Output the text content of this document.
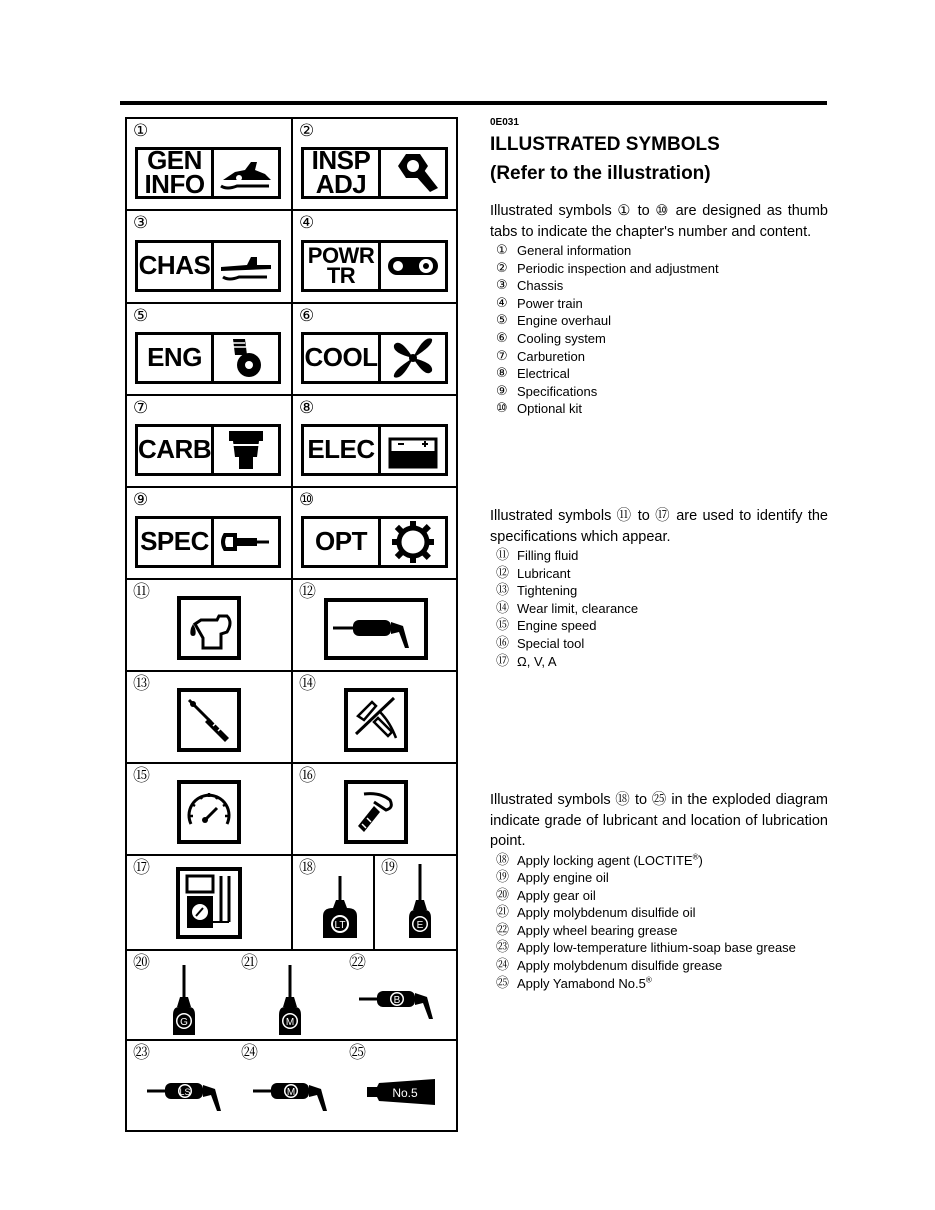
①
GEN
INFO
②
INSP
ADJ
③
CHAS
④
POWR
TR
⑤
ENG
⑥
COOL
⑦
CARB
⑧
ELEC
⑨
SPEC
⑩
OPT
⑪	⑫
⑬	⑭
⑮	⑯
⑰	⑱
LT
⑲
E
⑳	㉑	㉒
G	M
B
㉓	㉔	㉕
LS	M	No.5
0E031
ILLUSTRATED SYMBOLS
(Refer to the illustration)

Illustrated symbols ① to ⑩ are designed as thumb tabs to indicate the chapter's number and content.

① General information
② Periodic inspection and adjustment
③ Chassis
④ Power train
⑤ Engine overhaul
⑥ Cooling system
⑦ Carburetion
⑧ Electrical
⑨ Specifications
⑩ Optional kit

Illustrated symbols ⑪ to ⑰ are used to identify the specifications which appear.

⑪ Filling fluid
⑫ Lubricant
⑬ Tightening
⑭ Wear limit, clearance
⑮ Engine speed
⑯ Special tool
⑰ Ω, V, A

Illustrated symbols ⑱ to ㉕ in the exploded diagram indicate grade of lubricant and location of lubrication point.

⑱ Apply locking agent (LOCTITE®)
⑲ Apply engine oil
⑳ Apply gear oil
㉑ Apply molybdenum disulfide oil
㉒ Apply wheel bearing grease
㉓ Apply low-temperature lithium-soap base grease
㉔ Apply molybdenum disulfide grease
㉕ Apply Yamabond No.5®
